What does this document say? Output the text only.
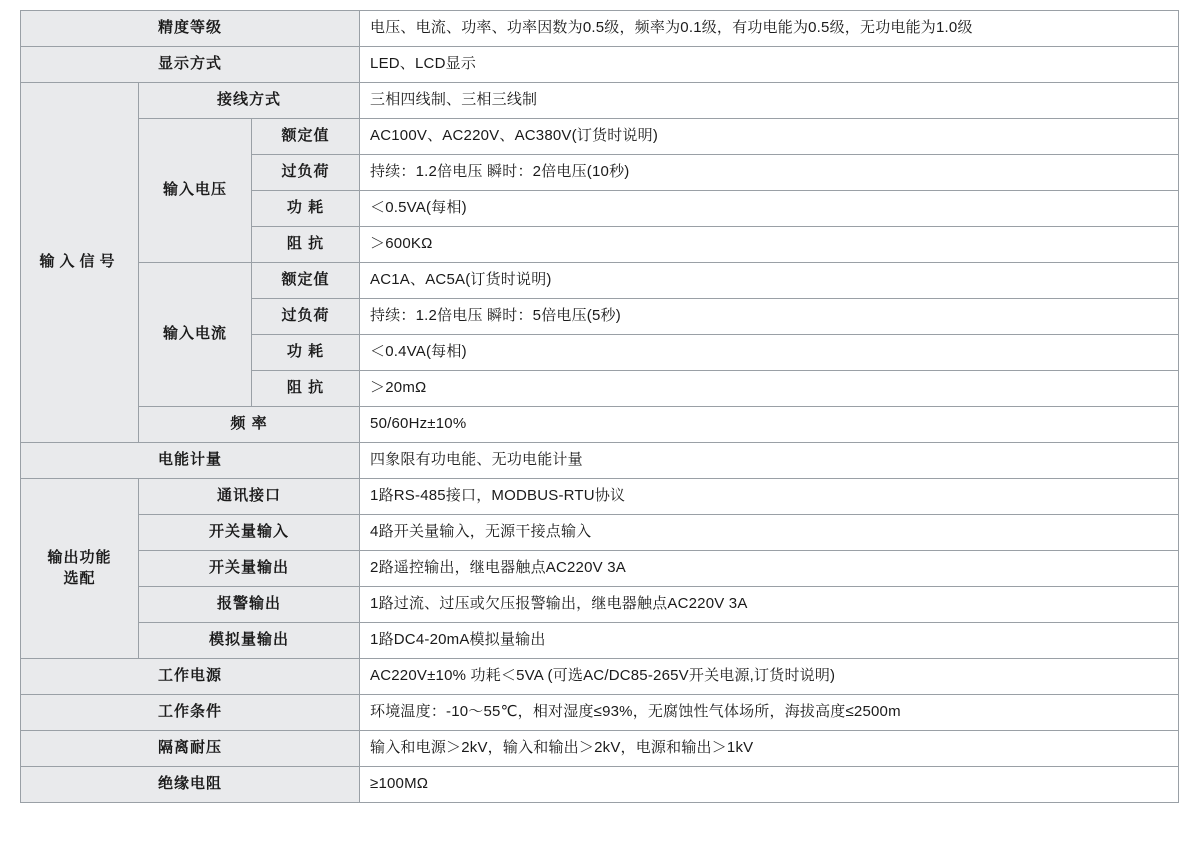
精度等级			电压、电流、功率、功率因数为0.5级，频率为0.1级，有功电能为0.5级，无功电能为1.0级
显示方式			LED、LCD显示
输入信号	接线方式		三相四线制、三相三线制
	输入电压	额定值	AC100V、AC220V、AC380V(订货时说明)
		过负荷	持续：1.2倍电压 瞬时：2倍电压(10秒)
		功 耗	＜0.5VA(每相)
		阻 抗	＞600KΩ
	输入电流	额定值	AC1A、AC5A(订货时说明)
		过负荷	持续：1.2倍电压 瞬时：5倍电压(5秒)
		功 耗	＜0.4VA(每相)
		阻 抗	＞20mΩ
	频 率		50/60Hz±10%
电能计量			四象限有功电能、无功电能计量
输出功能
选配	通讯接口		1路RS-485接口，MODBUS-RTU协议
	开关量输入		4路开关量输入，无源干接点输入
	开关量输出		2路遥控输出，继电器触点AC220V 3A
	报警输出		1路过流、过压或欠压报警输出，继电器触点AC220V 3A
	模拟量输出		1路DC4-20mA模拟量输出
工作电源			AC220V±10% 功耗＜5VA (可选AC/DC85-265V开关电源,订货时说明)
工作条件			环境温度：-10～55℃，相对湿度≤93%，无腐蚀性气体场所，海拔高度≤2500m
隔离耐压			输入和电源＞2kV，输入和输出＞2kV，电源和输出＞1kV
绝缘电阻			≥100MΩ
